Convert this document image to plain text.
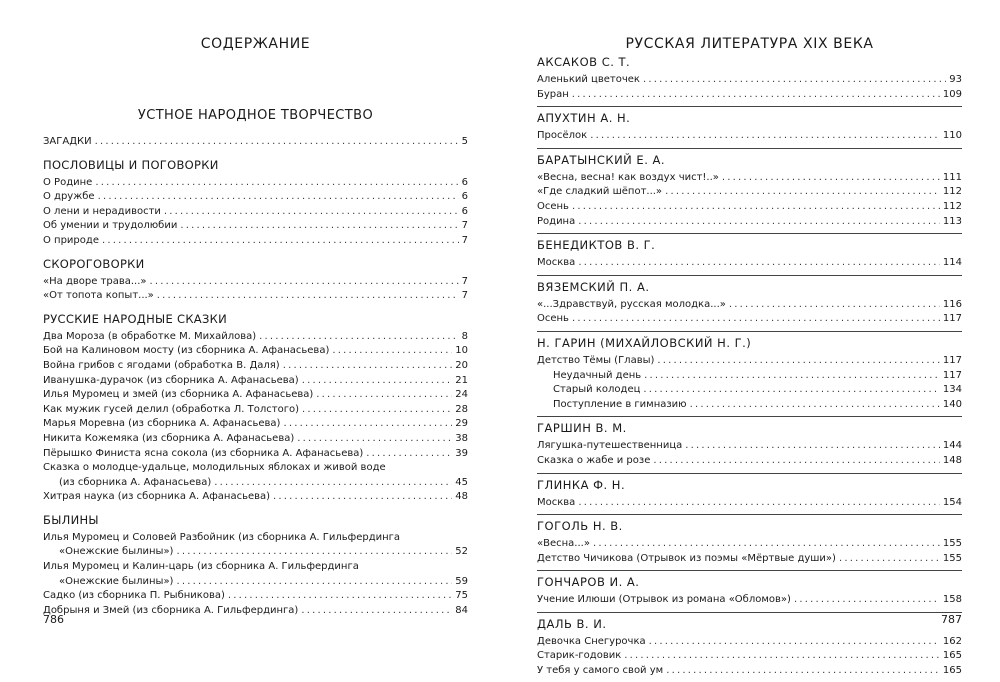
СОДЕРЖАНИЕ
УСТНОЕ НАРОДНОЕ ТВОРЧЕСТВО
ЗАГАДКИ .....	5
ПОСЛОВИЦЫ И ПОГОВОРКИ
О Родине .....	6
О дружбе .....	6
О лени и нерадивости .....	6
Об умении и трудолюбии .....	7
О природе .....	7
СКОРОГОВОРКИ
«На дворе трава...» .....	7
«От топота копыт...» .....	7
РУССКИЕ НАРОДНЫЕ СКАЗКИ
Два Мороза (в обработке М. Михайлова) .....	8
Бой на Калиновом мосту (из сборника А. Афанасьева) .....	10
Война грибов с ягодами (обработка В. Даля) .....	20
Иванушка-дурачок (из сборника А. Афанасьева) .....	21
Илья Муромец и змей (из сборника А. Афанасьева) .....	24
Как мужик гусей делил (обработка Л. Толстого) .....	28
Марья Моревна (из сборника А. Афанасьева) .....	29
Никита Кожемяка (из сборника А. Афанасьева) .....	38
Пёрышко Финиста ясна сокола (из сборника А. Афанасьева) .....	39
Сказка о молодце-удальце, молодильных яблоках и живой воде
(из сборника А. Афанасьева) .....	45
Хитрая наука (из сборника А. Афанасьева) .....	48
БЫЛИНЫ
Илья Муромец и Соловей Разбойник (из сборника А. Гильфердинга
«Онежские былины») .....	52
Илья Муромец и Калин-царь (из сборника А. Гильфердинга
«Онежские былины») .....	59
Садко (из сборника П. Рыбникова) .....	75
Добрыня и Змей (из сборника А. Гильфердинга) .....	84
786
РУССКАЯ ЛИТЕРАТУРА XIX ВЕКА
АКСАКОВ С. Т.
Аленький цветочек .....	93
Буран .....	109
АПУХТИН А. Н.
Просёлок .....	110
БАРАТЫНСКИЙ Е. А.
«Весна, весна! как воздух чист!..» .....	111
«Где сладкий шёпот...» .....	112
Осень .....	112
Родина .....	113
БЕНЕДИКТОВ В. Г.
Москва .....	114
ВЯЗЕМСКИЙ П. А.
«...Здравствуй, русская молодка...» .....	116
Осень .....	117
Н. ГАРИН (МИХАЙЛОВСКИЙ Н. Г.)
Детство Тёмы (Главы) .....	117
Неудачный день .....	117
Старый колодец .....	134
Поступление в гимназию .....	140
ГАРШИН В. М.
Лягушка-путешественница .....	144
Сказка о жабе и розе .....	148
ГЛИНКА Ф. Н.
Москва .....	154
ГОГОЛЬ Н. В.
«Весна...» .....	155
Детство Чичикова (Отрывок из поэмы «Мёртвые души») .....	155
ГОНЧАРОВ И. А.
Учение Илюши (Отрывок из романа «Обломов») .....	158
ДАЛЬ В. И.
Девочка Снегурочка .....	162
Старик-годовик .....	165
У тебя у самого свой ум .....	165
787
